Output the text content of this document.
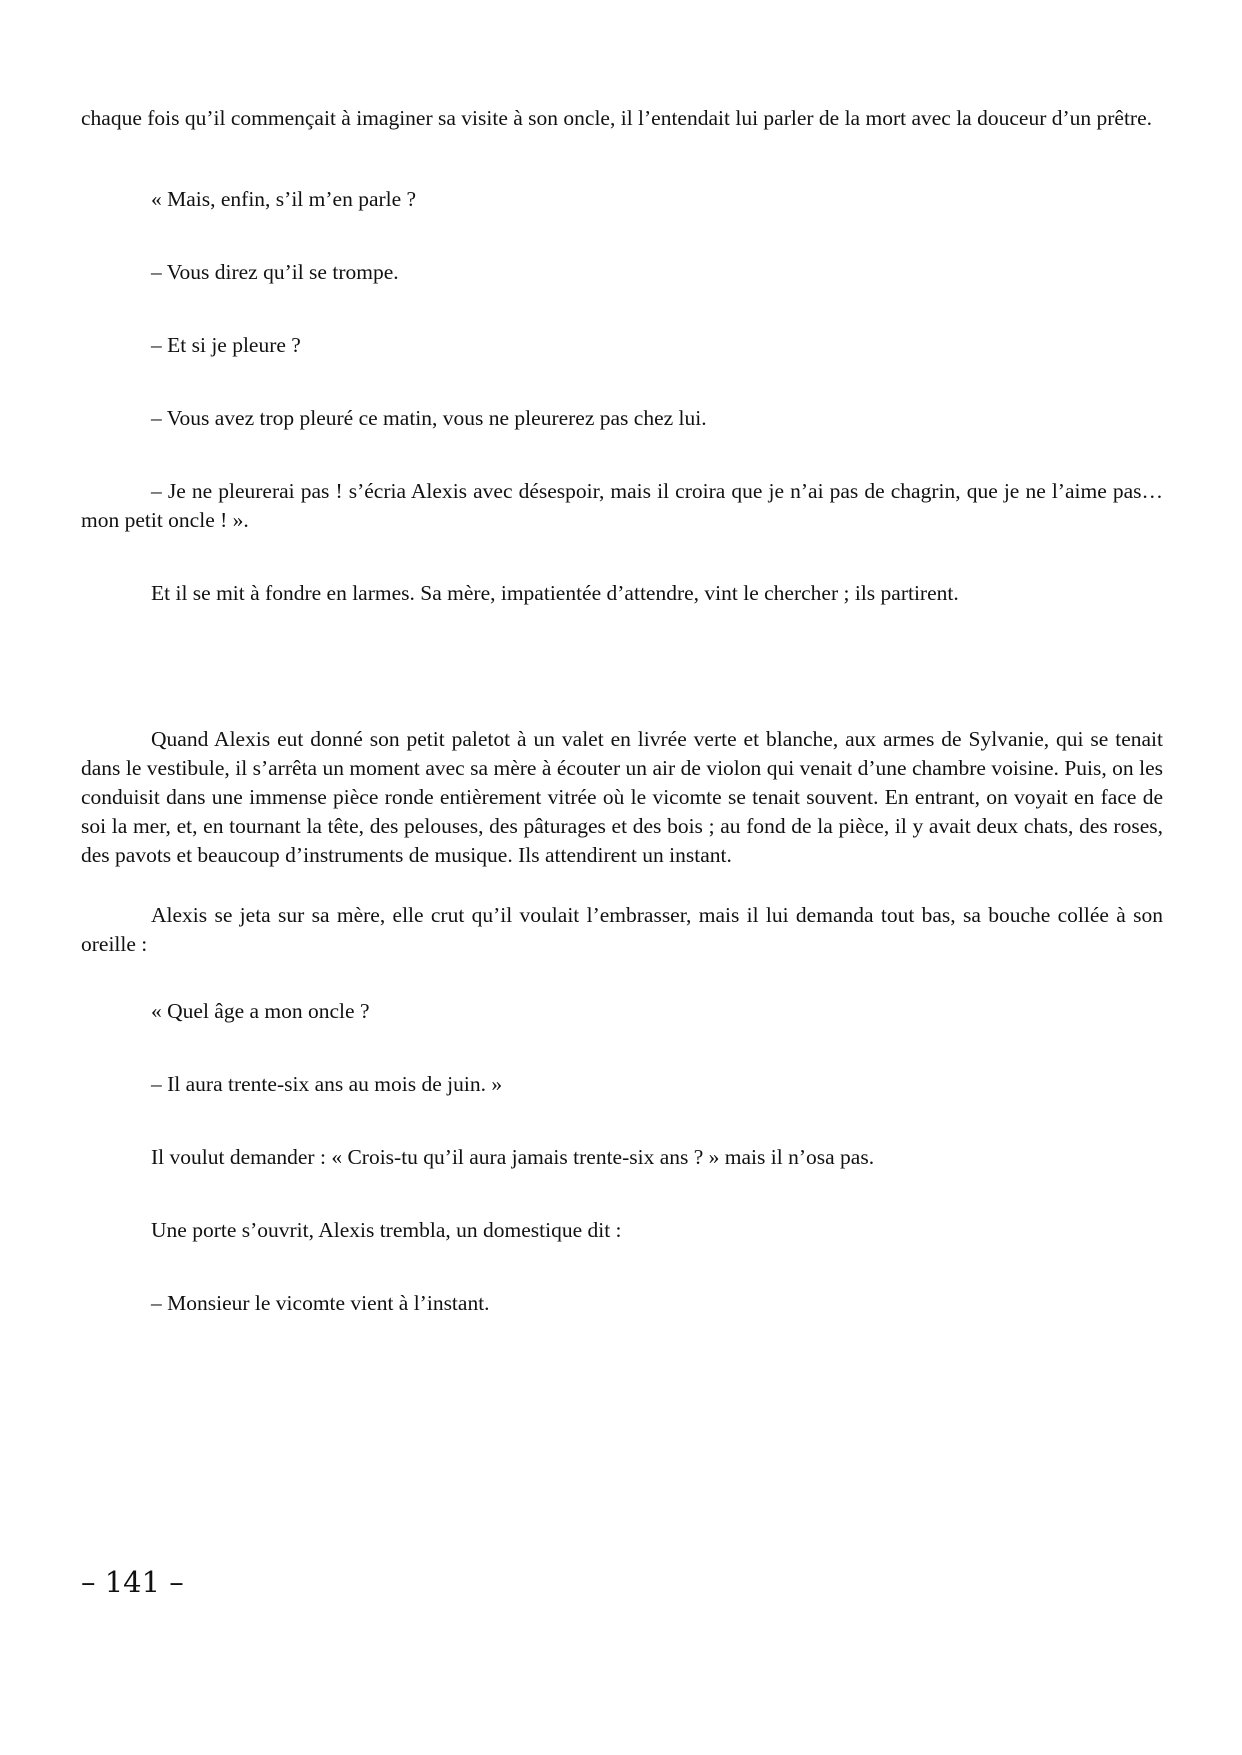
chaque fois qu’il commençait à imaginer sa visite à son oncle, il l’entendait lui parler de la mort avec la douceur d’un prêtre.

« Mais, enfin, s’il m’en parle ?

– Vous direz qu’il se trompe.

– Et si je pleure ?

– Vous avez trop pleuré ce matin, vous ne pleurerez pas chez lui.

– Je ne pleurerai pas ! s’écria Alexis avec désespoir, mais il croira que je n’ai pas de chagrin, que je ne l’aime pas… mon petit oncle ! ».

Et il se mit à fondre en larmes. Sa mère, impatientée d’attendre, vint le chercher ; ils partirent.

Quand Alexis eut donné son petit paletot à un valet en livrée verte et blanche, aux armes de Sylvanie, qui se tenait dans le vestibule, il s’arrêta un moment avec sa mère à écouter un air de violon qui venait d’une chambre voisine. Puis, on les conduisit dans une immense pièce ronde entièrement vitrée où le vicomte se tenait souvent. En entrant, on voyait en face de soi la mer, et, en tournant la tête, des pelouses, des pâturages et des bois ; au fond de la pièce, il y avait deux chats, des roses, des pavots et beaucoup d’instruments de musique. Ils attendirent un instant.

Alexis se jeta sur sa mère, elle crut qu’il voulait l’embrasser, mais il lui demanda tout bas, sa bouche collée à son oreille :

« Quel âge a mon oncle ?

– Il aura trente-six ans au mois de juin. »

Il voulut demander : « Crois-tu qu’il aura jamais trente-six ans ? » mais il n’osa pas.

Une porte s’ouvrit, Alexis trembla, un domestique dit :

– Monsieur le vicomte vient à l’instant.

– 141 –
